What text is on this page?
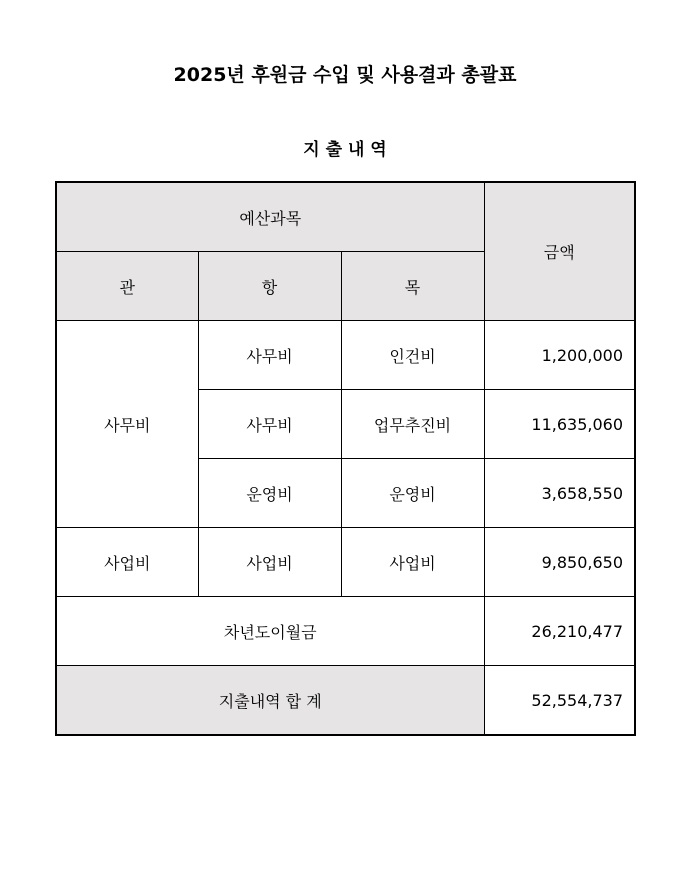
2025년 후원금 수입 및 사용결과 총괄표
지 출 내 역
예산과목			금액
관	항	목	
사무비	사무비	인건비	1,200,000
	사무비	업무추진비	11,635,060
	운영비	운영비	3,658,550
사업비	사업비	사업비	9,850,650
차년도이월금			26,210,477
지출내역 합 계			52,554,737
